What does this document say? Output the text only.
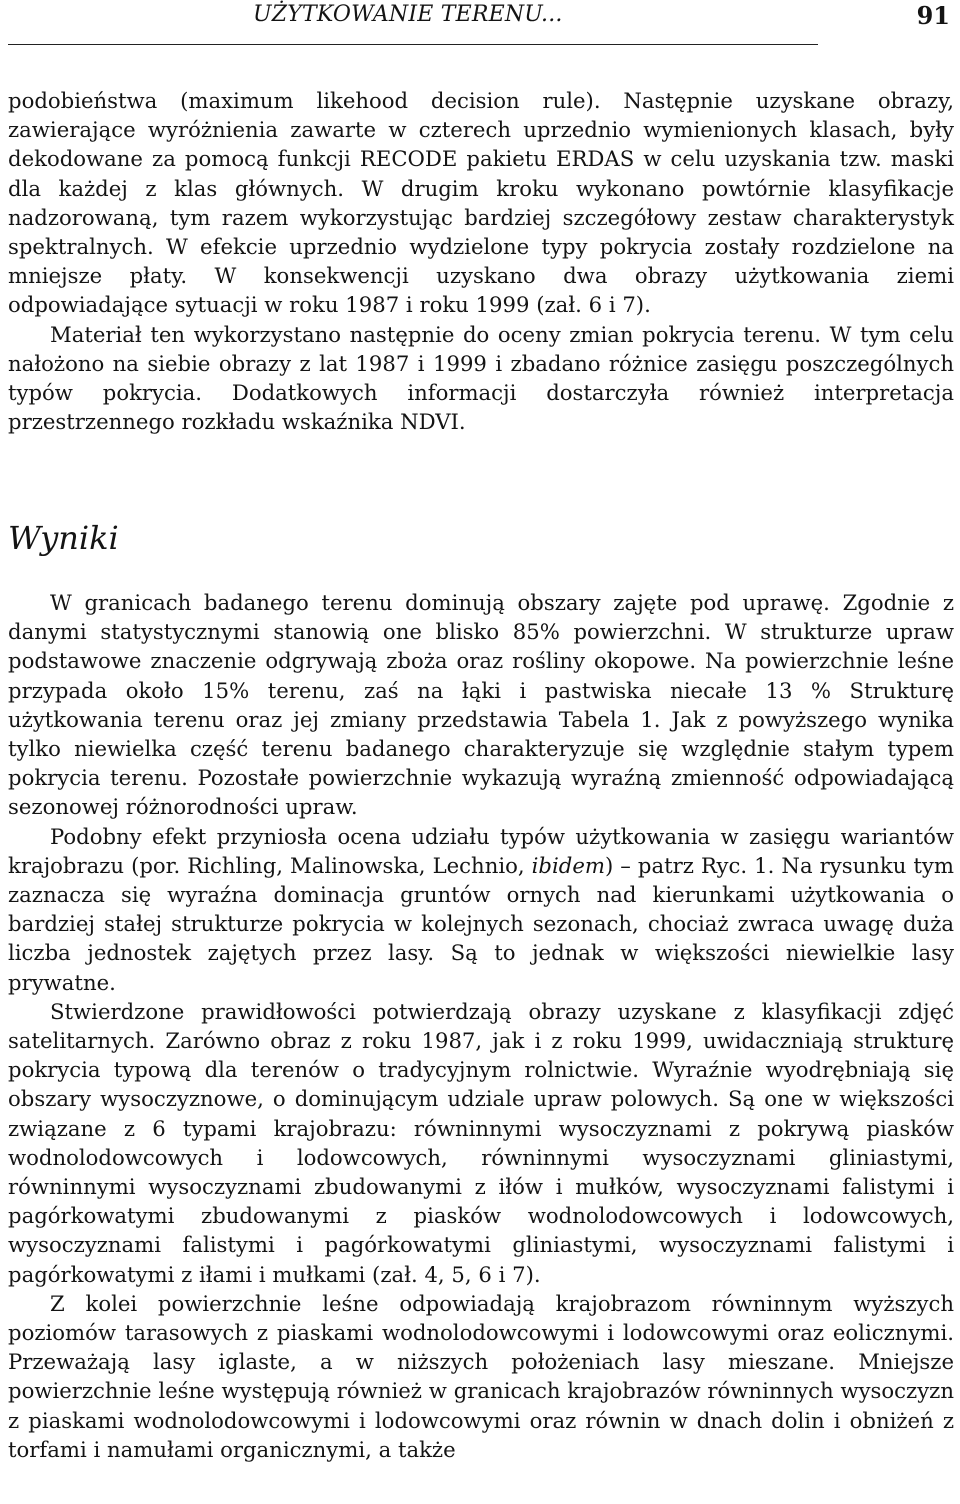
UŻYTKOWANIE TERENU...	91

podobieństwa (maximum likehood decision rule). Następnie uzyskane obrazy, zawierające wyróżnienia zawarte w czterech uprzednio wymienionych klasach, były dekodowane za pomocą funkcji RECODE pakietu ERDAS w celu uzyskania tzw. maski dla każdej z klas głównych. W drugim kroku wykonano powtórnie klasyfikacje nadzorowaną, tym razem wykorzystując bardziej szczegółowy zestaw charakterystyk spektralnych. W efekcie uprzednio wydzielone typy pokrycia zostały rozdzielone na mniejsze płaty. W konsekwencji uzyskano dwa obrazy użytkowania ziemi odpowiadające sytuacji w roku 1987 i roku 1999 (zał. 6 i 7).

Materiał ten wykorzystano następnie do oceny zmian pokrycia terenu. W tym celu nałożono na siebie obrazy z lat 1987 i 1999 i zbadano różnice zasięgu poszczególnych typów pokrycia. Dodatkowych informacji dostarczyła również interpretacja przestrzennego rozkładu wskaźnika NDVI.

Wyniki

W granicach badanego terenu dominują obszary zajęte pod uprawę. Zgodnie z danymi statystycznymi stanowią one blisko 85% powierzchni. W strukturze upraw podstawowe znaczenie odgrywają zboża oraz rośliny okopowe. Na powierzchnie leśne przypada około 15% terenu, zaś na łąki i pastwiska niecałe 13 % Strukturę użytkowania terenu oraz jej zmiany przedstawia Tabela 1. Jak z powyższego wynika tylko niewielka część terenu badanego charakteryzuje się względnie stałym typem pokrycia terenu. Pozostałe powierzchnie wykazują wyraźną zmienność odpowiadającą sezonowej różnorodności upraw.

Podobny efekt przyniosła ocena udziału typów użytkowania w zasięgu wariantów krajobrazu (por. Richling, Malinowska, Lechnio, ibidem) – patrz Ryc. 1. Na rysunku tym zaznacza się wyraźna dominacja gruntów ornych nad kierunkami użytkowania o bardziej stałej strukturze pokrycia w kolejnych sezonach, chociaż zwraca uwagę duża liczba jednostek zajętych przez lasy. Są to jednak w większości niewielkie lasy prywatne.

Stwierdzone prawidłowości potwierdzają obrazy uzyskane z klasyfikacji zdjęć satelitarnych. Zarówno obraz z roku 1987, jak i z roku 1999, uwidaczniają strukturę pokrycia typową dla terenów o tradycyjnym rolnictwie. Wyraźnie wyodrębniają się obszary wysoczyznowe, o dominującym udziale upraw polowych. Są one w większości związane z 6 typami krajobrazu: równinnymi wysoczyznami z pokrywą piasków wodnolodowcowych i lodowcowych, równinnymi wysoczyznami gliniastymi, równinnymi wysoczyznami zbudowanymi z iłów i mułków, wysoczyznami falistymi i pagórkowatymi zbudowanymi z piasków wodnolodowcowych i lodowcowych, wysoczyznami falistymi i pagórkowatymi gliniastymi, wysoczyznami falistymi i pagórkowatymi z iłami i mułkami (zał. 4, 5, 6 i 7).

Z kolei powierzchnie leśne odpowiadają krajobrazom równinnym wyższych poziomów tarasowych z piaskami wodnolodowcowymi i lodowcowymi oraz eolicznymi. Przeważają lasy iglaste, a w niższych położeniach lasy mieszane. Mniejsze powierzchnie leśne występują również w granicach krajobrazów równinnych wysoczyzn z piaskami wodnolodowcowymi i lodowcowymi oraz równin w dnach dolin i obniżeń z torfami i namułami organicznymi, a także
